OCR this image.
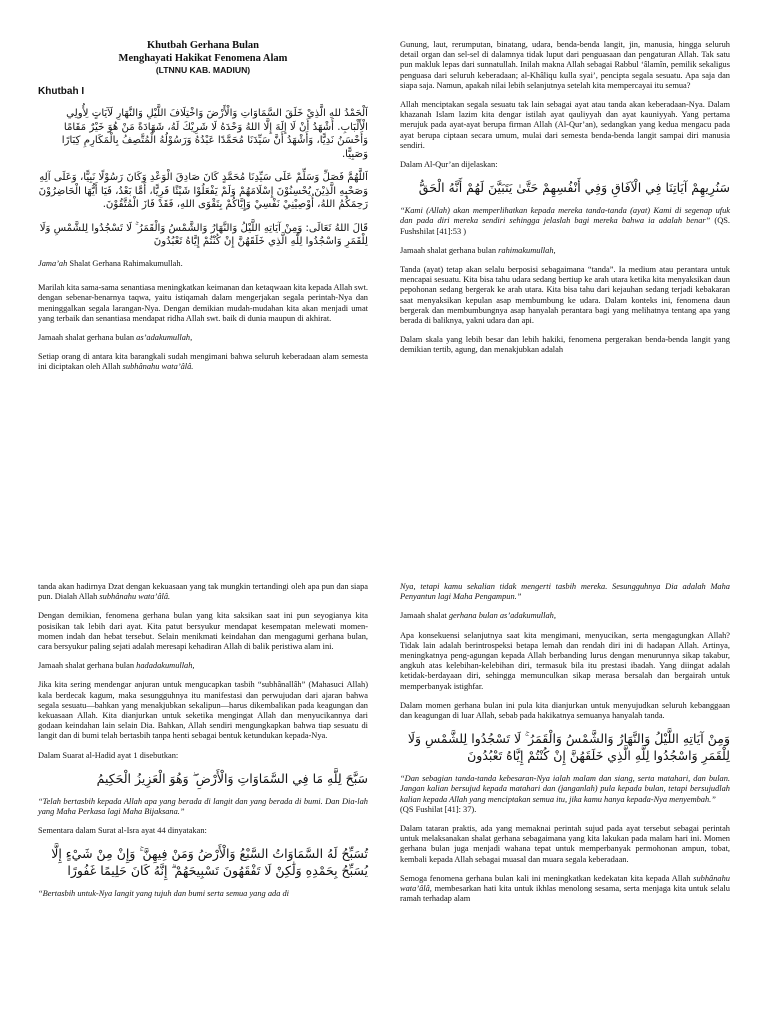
Khutbah Gerhana Bulan

Menghayati Hakikat Fenomena Alam

(LTNNU KAB. MADIUN)

Khutbah I

اَلْحَمْدُ للهِ الَّذِيْ خَلَقَ السَّمَاوَاتِ وَالْأَرْضَ وَاخْتِلَافَ اللَّيْلِ وَالنَّهَارِ لَآيَاتٍ لِأُولِي الْأَلْبَابِ. أَشْهَدُ أَنْ لَا إِلَهَ إِلَّا اللهُ وَحْدَهُ لَا شَرِيْكَ لَهُ، شَهَادَةً مَنْ هُوَ خَيْرٌ مَقَامًا وَأَحْسَنُ نَدِيًّا، وَأَشْهَدُ أَنَّ سَيِّدَنَا مُحَمَّدًا عَبْدُهُ وَرَسُوْلُهُ الْمُتَّصِفُ بِالْمَكَارِمِ كِبَارًا وَصَبِيًّا.

اَللَّهُمَّ فَصَلِّ وَسَلِّمْ عَلَى سَيِّدِنَا مُحَمَّدٍ كَانَ صَادِقَ الْوَعْدِ وَكَانَ رَسُوْلًا نَبِيًّا، وَعَلَى آلِهِ وَصَحْبِهِ الَّذِيْنَ يُحْسِنُوْنَ إِسْلَامَهُمْ وَلَمْ يَفْعَلُوْا شَيْئًا فَرِيًّا، أَمَّا بَعْدُ، فَيَا أَيُّهَا الْحَاضِرُوْنَ رَحِمَكُمُ اللهُ، أُوْصِيْنِيْ نَفْسِيْ وَإِيَّاكُمْ بِتَقْوَى اللهِ، فَقَدْ فَازَ الْمُتَّقُوْنَ.

قَالَ اللهُ تَعَالَى: وَمِنْ آيَاتِهِ اللَّيْلُ وَالنَّهَارُ وَالشَّمْسُ وَالْقَمَرُ ۚ لَا تَسْجُدُوا لِلشَّمْسِ وَلَا لِلْقَمَرِ وَاسْجُدُوا لِلَّهِ الَّذِي خَلَقَهُنَّ إِنْ كُنْتُمْ إِيَّاهُ تَعْبُدُونَ

Jama’ah Shalat Gerhana Rahimakumullah.

Marilah kita sama-sama senantiasa meningkatkan keimanan dan ketaqwaan kita kepada Allah swt. dengan sebenar-benarnya taqwa, yaitu istiqamah dalam mengerjakan segala perintah-Nya dan meninggalkan segala larangan-Nya. Dengan demikian mudah-mudahan kita akan menjadi umat yang terbaik dan senantiasa mendapat ridha Allah swt. baik di dunia maupun di akhirat.

Jamaah shalat gerhana bulan as’adakumullah,

Setiap orang di antara kita barangkali sudah mengimani bahwa seluruh keberadaan alam semesta ini diciptakan oleh Allah subhânahu wata’âlâ.

Gunung, laut, rerumputan, binatang, udara, benda-benda langit, jin, manusia, hingga seluruh detail organ dan sel-sel di dalamnya tidak luput dari penguasaan dan pengaturan Allah. Tak satu pun makluk lepas dari sunnatullah. Inilah makna Allah sebagai Rabbul ‘âlamîn, pemilik sekaligus penguasa dari seluruh keberadaan; al-Khâliqu kulla syai’, pencipta segala sesuatu. Apa saja dan siapa saja. Namun, apakah nilai lebih selanjutnya setelah kita mempercayai itu semua?

Allah menciptakan segala sesuatu tak lain sebagai ayat atau tanda akan keberadaan-Nya. Dalam khazanah Islam lazim kita dengar istilah ayat qauliyyah dan ayat kauniyyah. Yang pertama merujuk pada ayat-ayat berupa firman Allah (Al-Qur’an), sedangkan yang kedua mengacu pada ayat berupa ciptaan secara umum, mulai dari semesta benda-benda langit sampai diri manusia sendiri.

Dalam Al-Qur’an dijelaskan:

سَنُرِيهِمْ آيَاتِنَا فِي الْآفَاقِ وَفِي أَنْفُسِهِمْ حَتَّىٰ يَتَبَيَّنَ لَهُمْ أَنَّهُ الْحَقُّ

“Kami (Allah) akan memperlihatkan kepada mereka tanda-tanda (ayat) Kami di segenap ufuk dan pada diri mereka sendiri sehingga jelaslah bagi mereka bahwa ia adalah benar” (QS. Fushshilat [41]:53 )

Jamaah shalat gerhana bulan rahimakumullah,

Tanda (ayat) tetap akan selalu berposisi sebagaimana “tanda”. Ia medium atau perantara untuk mencapai sesuatu. Kita bisa tahu udara sedang bertiup ke arah utara ketika kita menyaksikan daun pepohonan sedang bergerak ke arah utara. Kita bisa tahu dari kejauhan sedang terjadi kebakaran saat menyaksikan kepulan asap membumbung ke udara. Dalam konteks ini, fenomena daun bergerak dan membumbungnya asap hanyalah perantara bagi yang melihatnya tentang apa yang berada di baliknya, yakni udara dan api.

Dalam skala yang lebih besar dan lebih hakiki, fenomena pergerakan benda-benda langit yang demikian tertib, agung, dan menakjubkan adalah

tanda akan hadirnya Dzat dengan kekuasaan yang tak mungkin tertandingi oleh apa pun dan siapa pun. Dialah Allah subhânahu wata’âlâ.

Dengan demikian, fenomena gerhana bulan yang kita saksikan saat ini pun seyogianya kita posisikan tak lebih dari ayat. Kita patut bersyukur mendapat kesempatan melewati momen-momen indah dan hebat tersebut. Selain menikmati keindahan dan mengagumi gerhana bulan, cara bersyukur paling sejati adalah meresapi kehadiran Allah di balik peristiwa alam ini.

Jamaah shalat gerhana bulan hadadakumullah,

Jika kita sering mendengar anjuran untuk mengucapkan tasbih “subhânallâh” (Mahasuci Allah) kala berdecak kagum, maka sesungguhnya itu manifestasi dan perwujudan dari ajaran bahwa segala sesuatu—bahkan yang menakjubkan sekalipun—harus dikembalikan pada keagungan dan kekuasaan Allah. Kita dianjurkan untuk seketika mengingat Allah dan menyucikannya dari godaan keindahan lain selain Dia. Bahkan, Allah sendiri mengungkapkan bahwa tiap sesuatu di langit dan di bumi telah bertasbih tanpa henti sebagai bentuk ketundukan kepada-Nya.

Dalam Suarat al-Hadid ayat 1 disebutkan:

سَبَّحَ لِلَّهِ مَا فِي السَّمَاوَاتِ وَالْأَرْضِ ۖ وَهُوَ الْعَزِيزُ الْحَكِيمُ

“Telah bertasbih kepada Allah apa yang berada di langit dan yang berada di bumi. Dan Dia-lah yang Maha Perkasa lagi Maha Bijaksana.”

Sementara dalam Surat al-Isra ayat 44 dinyatakan:

تُسَبِّحُ لَهُ السَّمَاوَاتُ السَّبْعُ وَالْأَرْضُ وَمَنْ فِيهِنَّ ۚ وَإِنْ مِنْ شَيْءٍ إِلَّا يُسَبِّحُ بِحَمْدِهِ وَلَٰكِنْ لَا تَفْقَهُونَ تَسْبِيحَهُمْ ۗ إِنَّهُ كَانَ حَلِيمًا غَفُورًا

“Bertasbih untuk-Nya langit yang tujuh dan bumi serta semua yang ada di

Nya, tetapi kamu sekalian tidak mengerti tasbih mereka. Sesungguhnya Dia adalah Maha Penyantun lagi Maha Pengampun.”

Jamaah shalat gerhana bulan as’adakumullah,

Apa konsekuensi selanjutnya saat kita mengimani, menyucikan, serta mengagungkan Allah? Tidak lain adalah berintrospeksi betapa lemah dan rendah diri ini di hadapan Allah. Artinya, meningkatnya peng-agungan kepada Allah berbanding lurus dengan menurunnya sikap takabur, angkuh atas kelebihan-kelebihan diri, termasuk bila itu prestasi ibadah. Yang diingat adalah ketidak-berdayaan diri, sehingga memunculkan sikap merasa bersalah dan bergairah untuk memperbanyak istighfar.

Dalam momen gerhana bulan ini pula kita dianjurkan untuk menyujudkan seluruh kebanggaan dan keagungan di luar Allah, sebab pada hakikatnya semuanya hanyalah tanda.

وَمِنْ آيَاتِهِ اللَّيْلُ وَالنَّهَارُ وَالشَّمْسُ وَالْقَمَرُ ۚ لَا تَسْجُدُوا لِلشَّمْسِ وَلَا لِلْقَمَرِ وَاسْجُدُوا لِلَّهِ الَّذِي خَلَقَهُنَّ إِنْ كُنْتُمْ إِيَّاهُ تَعْبُدُونَ

“Dan sebagian tanda-tanda kebesaran-Nya ialah malam dan siang, serta matahari, dan bulan. Jangan kalian bersujud kepada matahari dan (janganlah) pula kepada bulan, tetapi bersujudlah kalian kepada Allah yang menciptakan semua itu, jika kamu hanya kepada-Nya menyembah.”
(QS Fushilat [41]: 37).

Dalam tataran praktis, ada yang memaknai perintah sujud pada ayat tersebut sebagai perintah untuk melaksanakan shalat gerhana sebagaimana yang kita lakukan pada malam hari ini. Momen gerhana bulan juga menjadi wahana tepat untuk memperbanyak permohonan ampun, tobat, kembali kepada Allah sebagai muasal dan muara segala keberadaan.

Semoga fenomena gerhana bulan kali ini meningkatkan kedekatan kita kepada Allah subhânahu wata’âlâ, membesarkan hati kita untuk ikhlas menolong sesama, serta menjaga kita untuk selalu ramah terhadap alam
